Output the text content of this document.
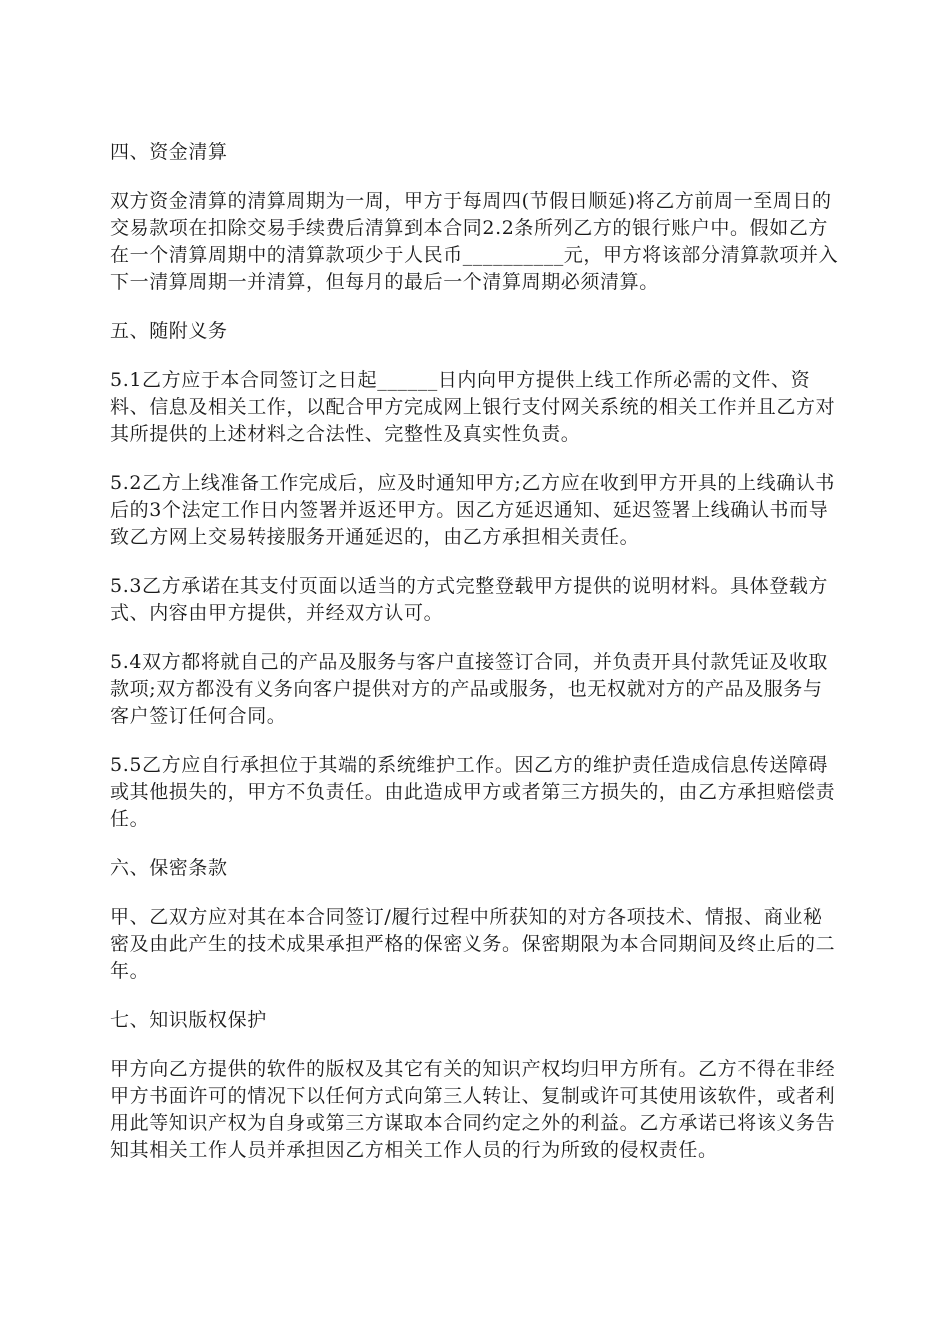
四、资金清算
双方资金清算的清算周期为一周，甲方于每周四(节假日顺延)将乙方前周一至周日的交易款项在扣除交易手续费后清算到本合同2.2条所列乙方的银行账户中。假如乙方在一个清算周期中的清算款项少于人民币__________元，甲方将该部分清算款项并入下一清算周期一并清算，但每月的最后一个清算周期必须清算。
五、随附义务
5.1乙方应于本合同签订之日起______日内向甲方提供上线工作所必需的文件、资料、信息及相关工作，以配合甲方完成网上银行支付网关系统的相关工作并且乙方对其所提供的上述材料之合法性、完整性及真实性负责。
5.2乙方上线准备工作完成后，应及时通知甲方;乙方应在收到甲方开具的上线确认书后的3个法定工作日内签署并返还甲方。因乙方延迟通知、延迟签署上线确认书而导致乙方网上交易转接服务开通延迟的，由乙方承担相关责任。
5.3乙方承诺在其支付页面以适当的方式完整登载甲方提供的说明材料。具体登载方式、内容由甲方提供，并经双方认可。
5.4双方都将就自己的产品及服务与客户直接签订合同，并负责开具付款凭证及收取款项;双方都没有义务向客户提供对方的产品或服务，也无权就对方的产品及服务与客户签订任何合同。
5.5乙方应自行承担位于其端的系统维护工作。因乙方的维护责任造成信息传送障碍或其他损失的，甲方不负责任。由此造成甲方或者第三方损失的，由乙方承担赔偿责任。
六、保密条款
甲、乙双方应对其在本合同签订/履行过程中所获知的对方各项技术、情报、商业秘密及由此产生的技术成果承担严格的保密义务。保密期限为本合同期间及终止后的二年。
七、知识版权保护
甲方向乙方提供的软件的版权及其它有关的知识产权均归甲方所有。乙方不得在非经甲方书面许可的情况下以任何方式向第三人转让、复制或许可其使用该软件，或者利用此等知识产权为自身或第三方谋取本合同约定之外的利益。乙方承诺已将该义务告知其相关工作人员并承担因乙方相关工作人员的行为所致的侵权责任。
